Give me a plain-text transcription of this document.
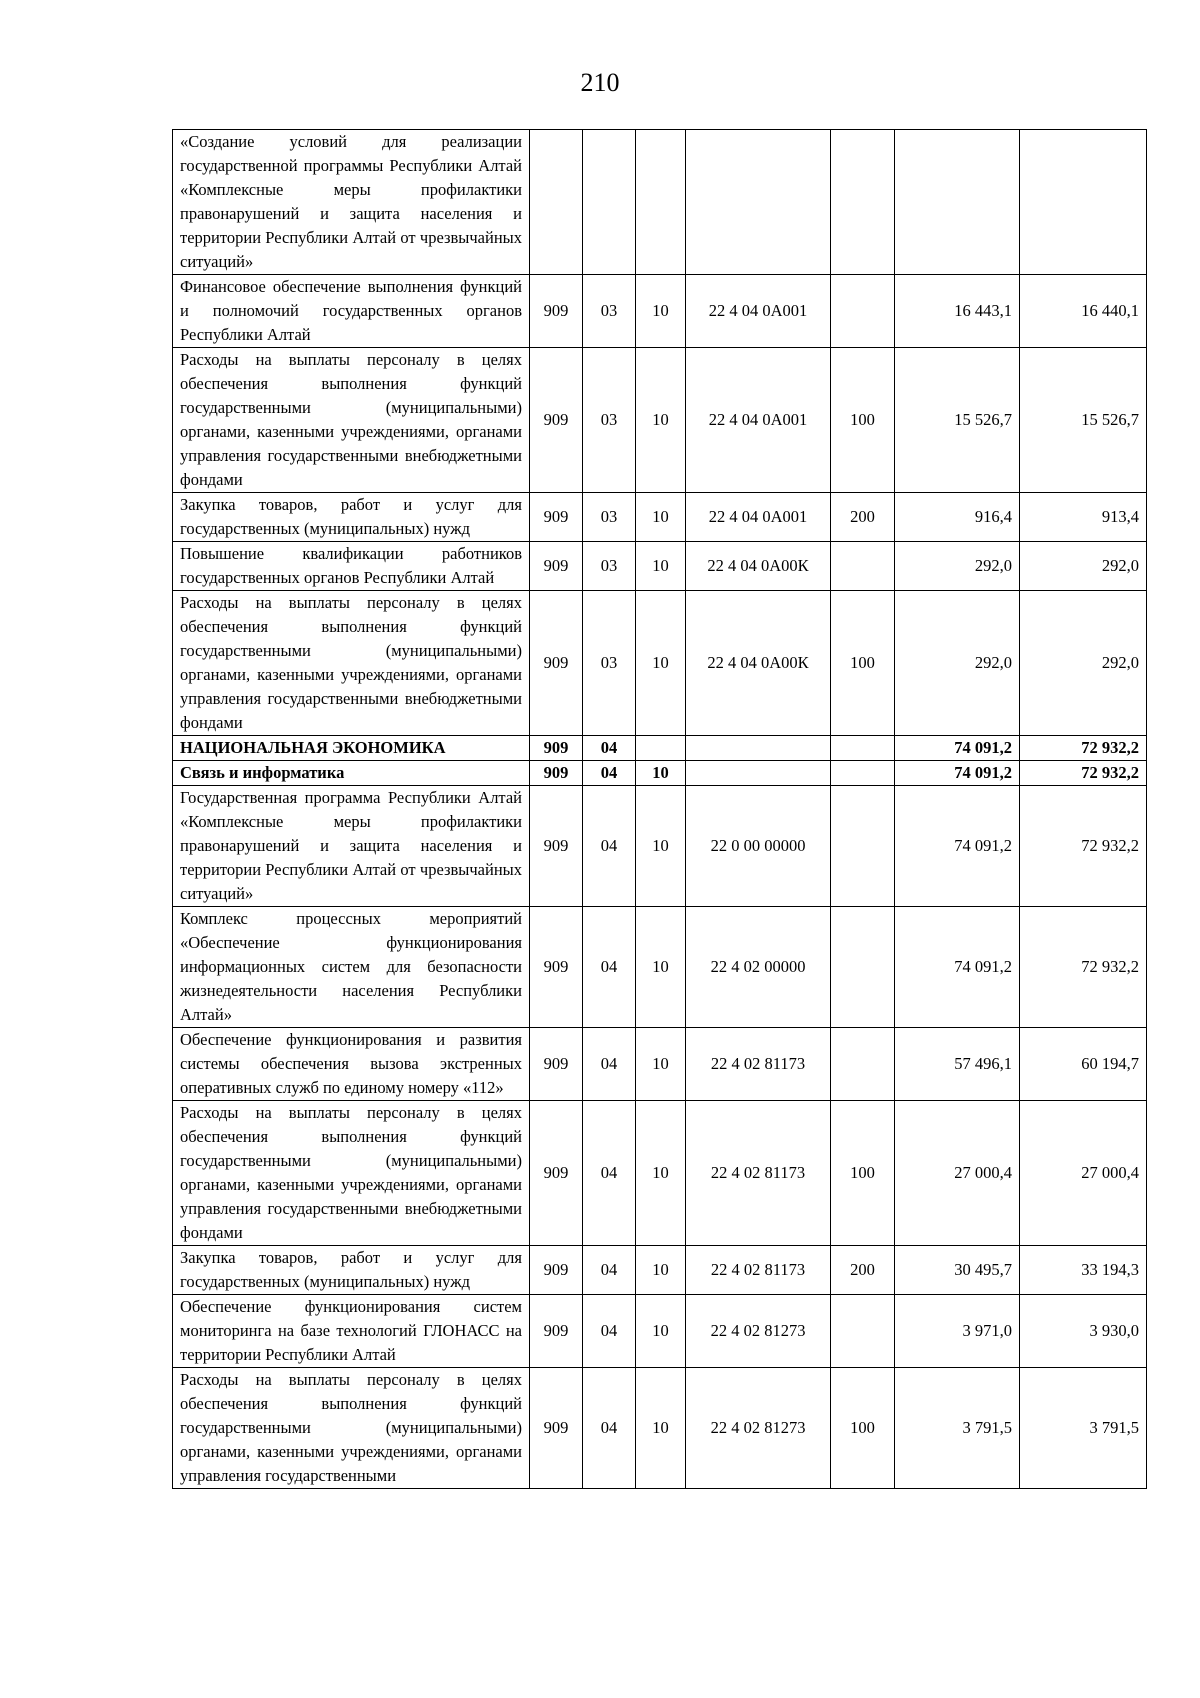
210
«Создание условий для реализации государственной программы Республики Алтай «Комплексные меры профилактики правонарушений и защита населения и территории Республики Алтай от чрезвычайных ситуаций»							
Финансовое обеспечение выполнения функций и полномочий государственных органов Республики Алтай	909	03	10	22 4 04 0А001		16 443,1	16 440,1
Расходы на выплаты персоналу в целях обеспечения выполнения функций государственными (муниципальными) органами, казенными учреждениями, органами управления государственными внебюджетными фондами	909	03	10	22 4 04 0А001	100	15 526,7	15 526,7
Закупка товаров, работ и услуг для государственных (муниципальных) нужд	909	03	10	22 4 04 0А001	200	916,4	913,4
Повышение квалификации работников государственных органов Республики Алтай	909	03	10	22 4 04 0А00К		292,0	292,0
Расходы на выплаты персоналу в целях обеспечения выполнения функций государственными (муниципальными) органами, казенными учреждениями, органами управления государственными внебюджетными фондами	909	03	10	22 4 04 0А00К	100	292,0	292,0
НАЦИОНАЛЬНАЯ ЭКОНОМИКА	909	04				74 091,2	72 932,2
Связь и информатика	909	04	10			74 091,2	72 932,2
Государственная программа Республики Алтай «Комплексные меры профилактики правонарушений и защита населения и территории Республики Алтай от чрезвычайных ситуаций»	909	04	10	22 0 00 00000		74 091,2	72 932,2
Комплекс процессных мероприятий «Обеспечение функционирования информационных систем для безопасности жизнедеятельности населения Республики Алтай»	909	04	10	22 4 02 00000		74 091,2	72 932,2
Обеспечение функционирования и развития системы обеспечения вызова экстренных оперативных служб по единому номеру «112»	909	04	10	22 4 02 81173		57 496,1	60 194,7
Расходы на выплаты персоналу в целях обеспечения выполнения функций государственными (муниципальными) органами, казенными учреждениями, органами управления государственными внебюджетными фондами	909	04	10	22 4 02 81173	100	27 000,4	27 000,4
Закупка товаров, работ и услуг для государственных (муниципальных) нужд	909	04	10	22 4 02 81173	200	30 495,7	33 194,3
Обеспечение функционирования систем мониторинга на базе технологий ГЛОНАСС на территории Республики Алтай	909	04	10	22 4 02 81273		3 971,0	3 930,0
Расходы на выплаты персоналу в целях обеспечения выполнения функций государственными (муниципальными) органами, казенными учреждениями, органами управления государственными	909	04	10	22 4 02 81273	100	3 791,5	3 791,5
